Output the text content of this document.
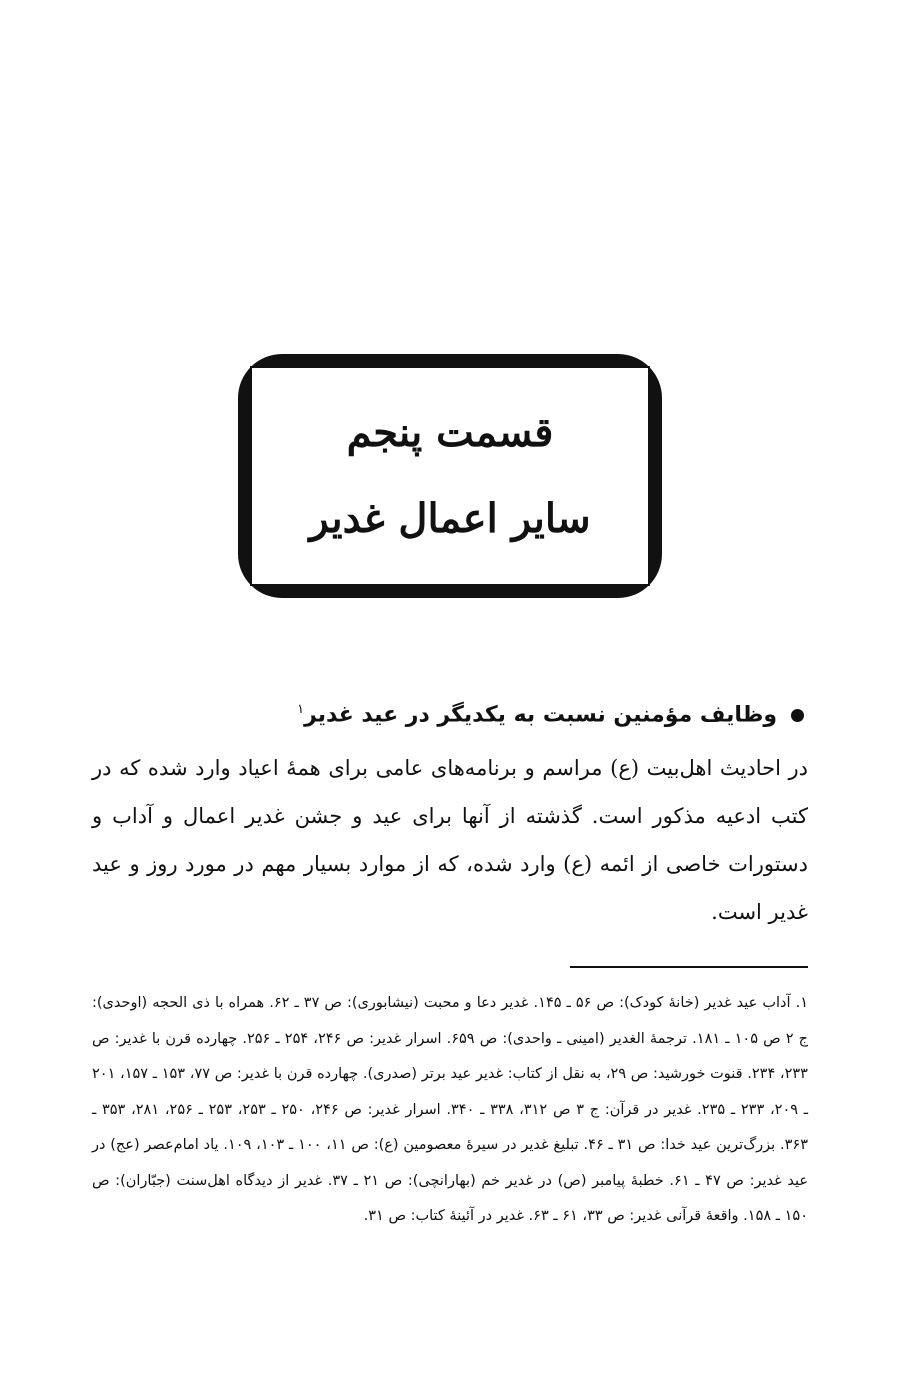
قسمت پنجم
سایر اعمال غدیر
وظایف مؤمنین نسبت به یکدیگر در عید غدیر$^۱$
در احادیث اهل‌بیت (ع) مراسم و برنامه‌های عامی برای همهٔ اعیاد وارد شده که در کتب ادعیه مذکور است. گذشته از آنها برای عید و جشن غدیر اعمال و آداب و دستورات خاصی از ائمه (ع) وارد شده، که از موارد بسیار مهم در مورد روز و عید غدیر است.
۱. آداب عید غدیر (خانهٔ کودک): ص ۵۶ ـ ۱۴۵. غدیر دعا و محبت (نیشابوری): ص ۳۷ ـ ۶۲. همراه با ذی الحجه (اوحدی): ج ۲ ص ۱۰۵ ـ ۱۸۱. ترجمهٔ الغدیر (امینی ـ واحدی): ص ۶۵۹. اسرار غدیر: ص ۲۴۶، ۲۵۴ ـ ۲۵۶. چهارده قرن با غدیر: ص ۲۳۳، ۲۳۴. قنوت خورشید: ص ۲۹، به نقل از کتاب: غدیر عید برتر (صدری). چهارده قرن با غدیر: ص ۷۷، ۱۵۳ ـ ۱۵۷، ۲۰۱ ـ ۲۰۹، ۲۳۳ ـ ۲۳۵. غدیر در قرآن: ج ۳ ص ۳۱۲، ۳۳۸ ـ ۳۴۰. اسرار غدیر: ص ۲۴۶، ۲۵۰ ـ ۲۵۳، ۲۵۳ ـ ۲۵۶، ۲۸۱، ۳۵۳ ـ ۳۶۳. بزرگ‌ترین عید خدا: ص ۳۱ ـ ۴۶. تبلیغ غدیر در سیرهٔ معصومین (ع): ص ۱۱، ۱۰۰ ـ ۱۰۳، ۱۰۹. یاد امام‌عصر (عج) در عید غدیر: ص ۴۷ ـ ۶۱. خطبهٔ پیامبر (ص) در غدیر خم (بهارانچی): ص ۲۱ ـ ۳۷. غدیر از دیدگاه اهل‌سنت (جبّاران): ص ۱۵۰ ـ ۱۵۸. واقعهٔ قرآنی غدیر: ص ۳۳، ۶۱ ـ ۶۳. غدیر در آئینهٔ کتاب: ص ۳۱.
